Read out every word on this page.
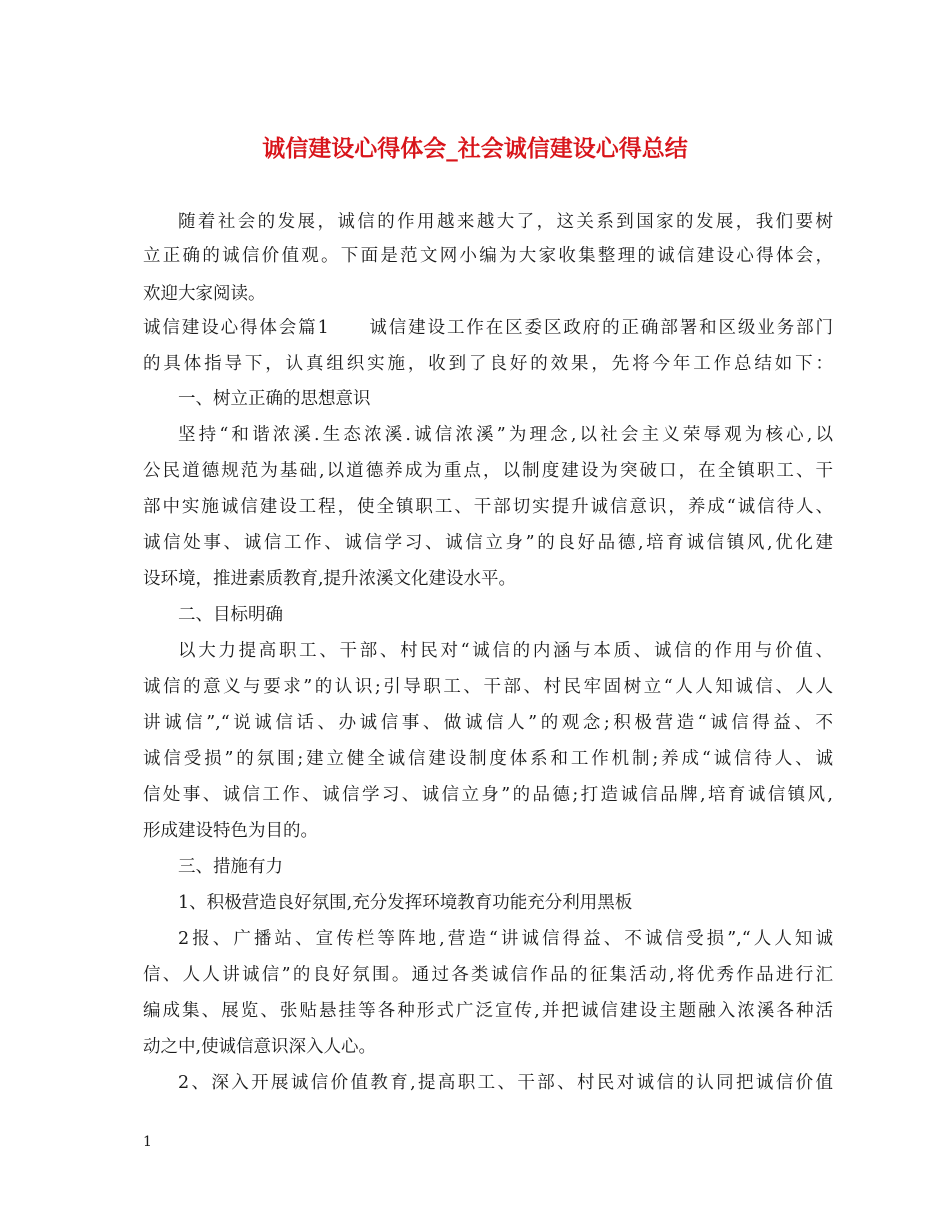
诚信建设心得体会_社会诚信建设心得总结
随着社会的发展，诚信的作用越来越大了，这关系到国家的发展，我们要树
立正确的诚信价值观。下面是范文网小编为大家收集整理的诚信建设心得体会，
欢迎大家阅读。
诚信建设心得体会篇1　　诚信建设工作在区委区政府的正确部署和区级业务部门
的具体指导下，认真组织实施，收到了良好的效果，先将今年工作总结如下：
一、树立正确的思想意识
坚持“和谐浓溪.生态浓溪.诚信浓溪”为理念,以社会主义荣辱观为核心,以
公民道德规范为基础,以道德养成为重点，以制度建设为突破口，在全镇职工、干
部中实施诚信建设工程，使全镇职工、干部切实提升诚信意识，养成“诚信待人、
诚信处事、诚信工作、诚信学习、诚信立身”的良好品德,培育诚信镇风,优化建
设环境，推进素质教育,提升浓溪文化建设水平。
二、目标明确
以大力提高职工、干部、村民对“诚信的内涵与本质、诚信的作用与价值、
诚信的意义与要求”的认识;引导职工、干部、村民牢固树立“人人知诚信、人人
讲诚信”,“说诚信话、办诚信事、做诚信人”的观念;积极营造“诚信得益、不
诚信受损”的氛围;建立健全诚信建设制度体系和工作机制;养成“诚信待人、诚
信处事、诚信工作、诚信学习、诚信立身”的品德;打造诚信品牌,培育诚信镇风,
形成建设特色为目的。
三、措施有力
1、积极营造良好氛围,充分发挥环境教育功能充分利用黑板
2报、广播站、宣传栏等阵地,营造“讲诚信得益、不诚信受损”,“人人知诚
信、人人讲诚信”的良好氛围。通过各类诚信作品的征集活动,将优秀作品进行汇
编成集、展览、张贴悬挂等各种形式广泛宣传,并把诚信建设主题融入浓溪各种活
动之中,使诚信意识深入人心。
2、深入开展诚信价值教育,提高职工、干部、村民对诚信的认同把诚信价值
1
